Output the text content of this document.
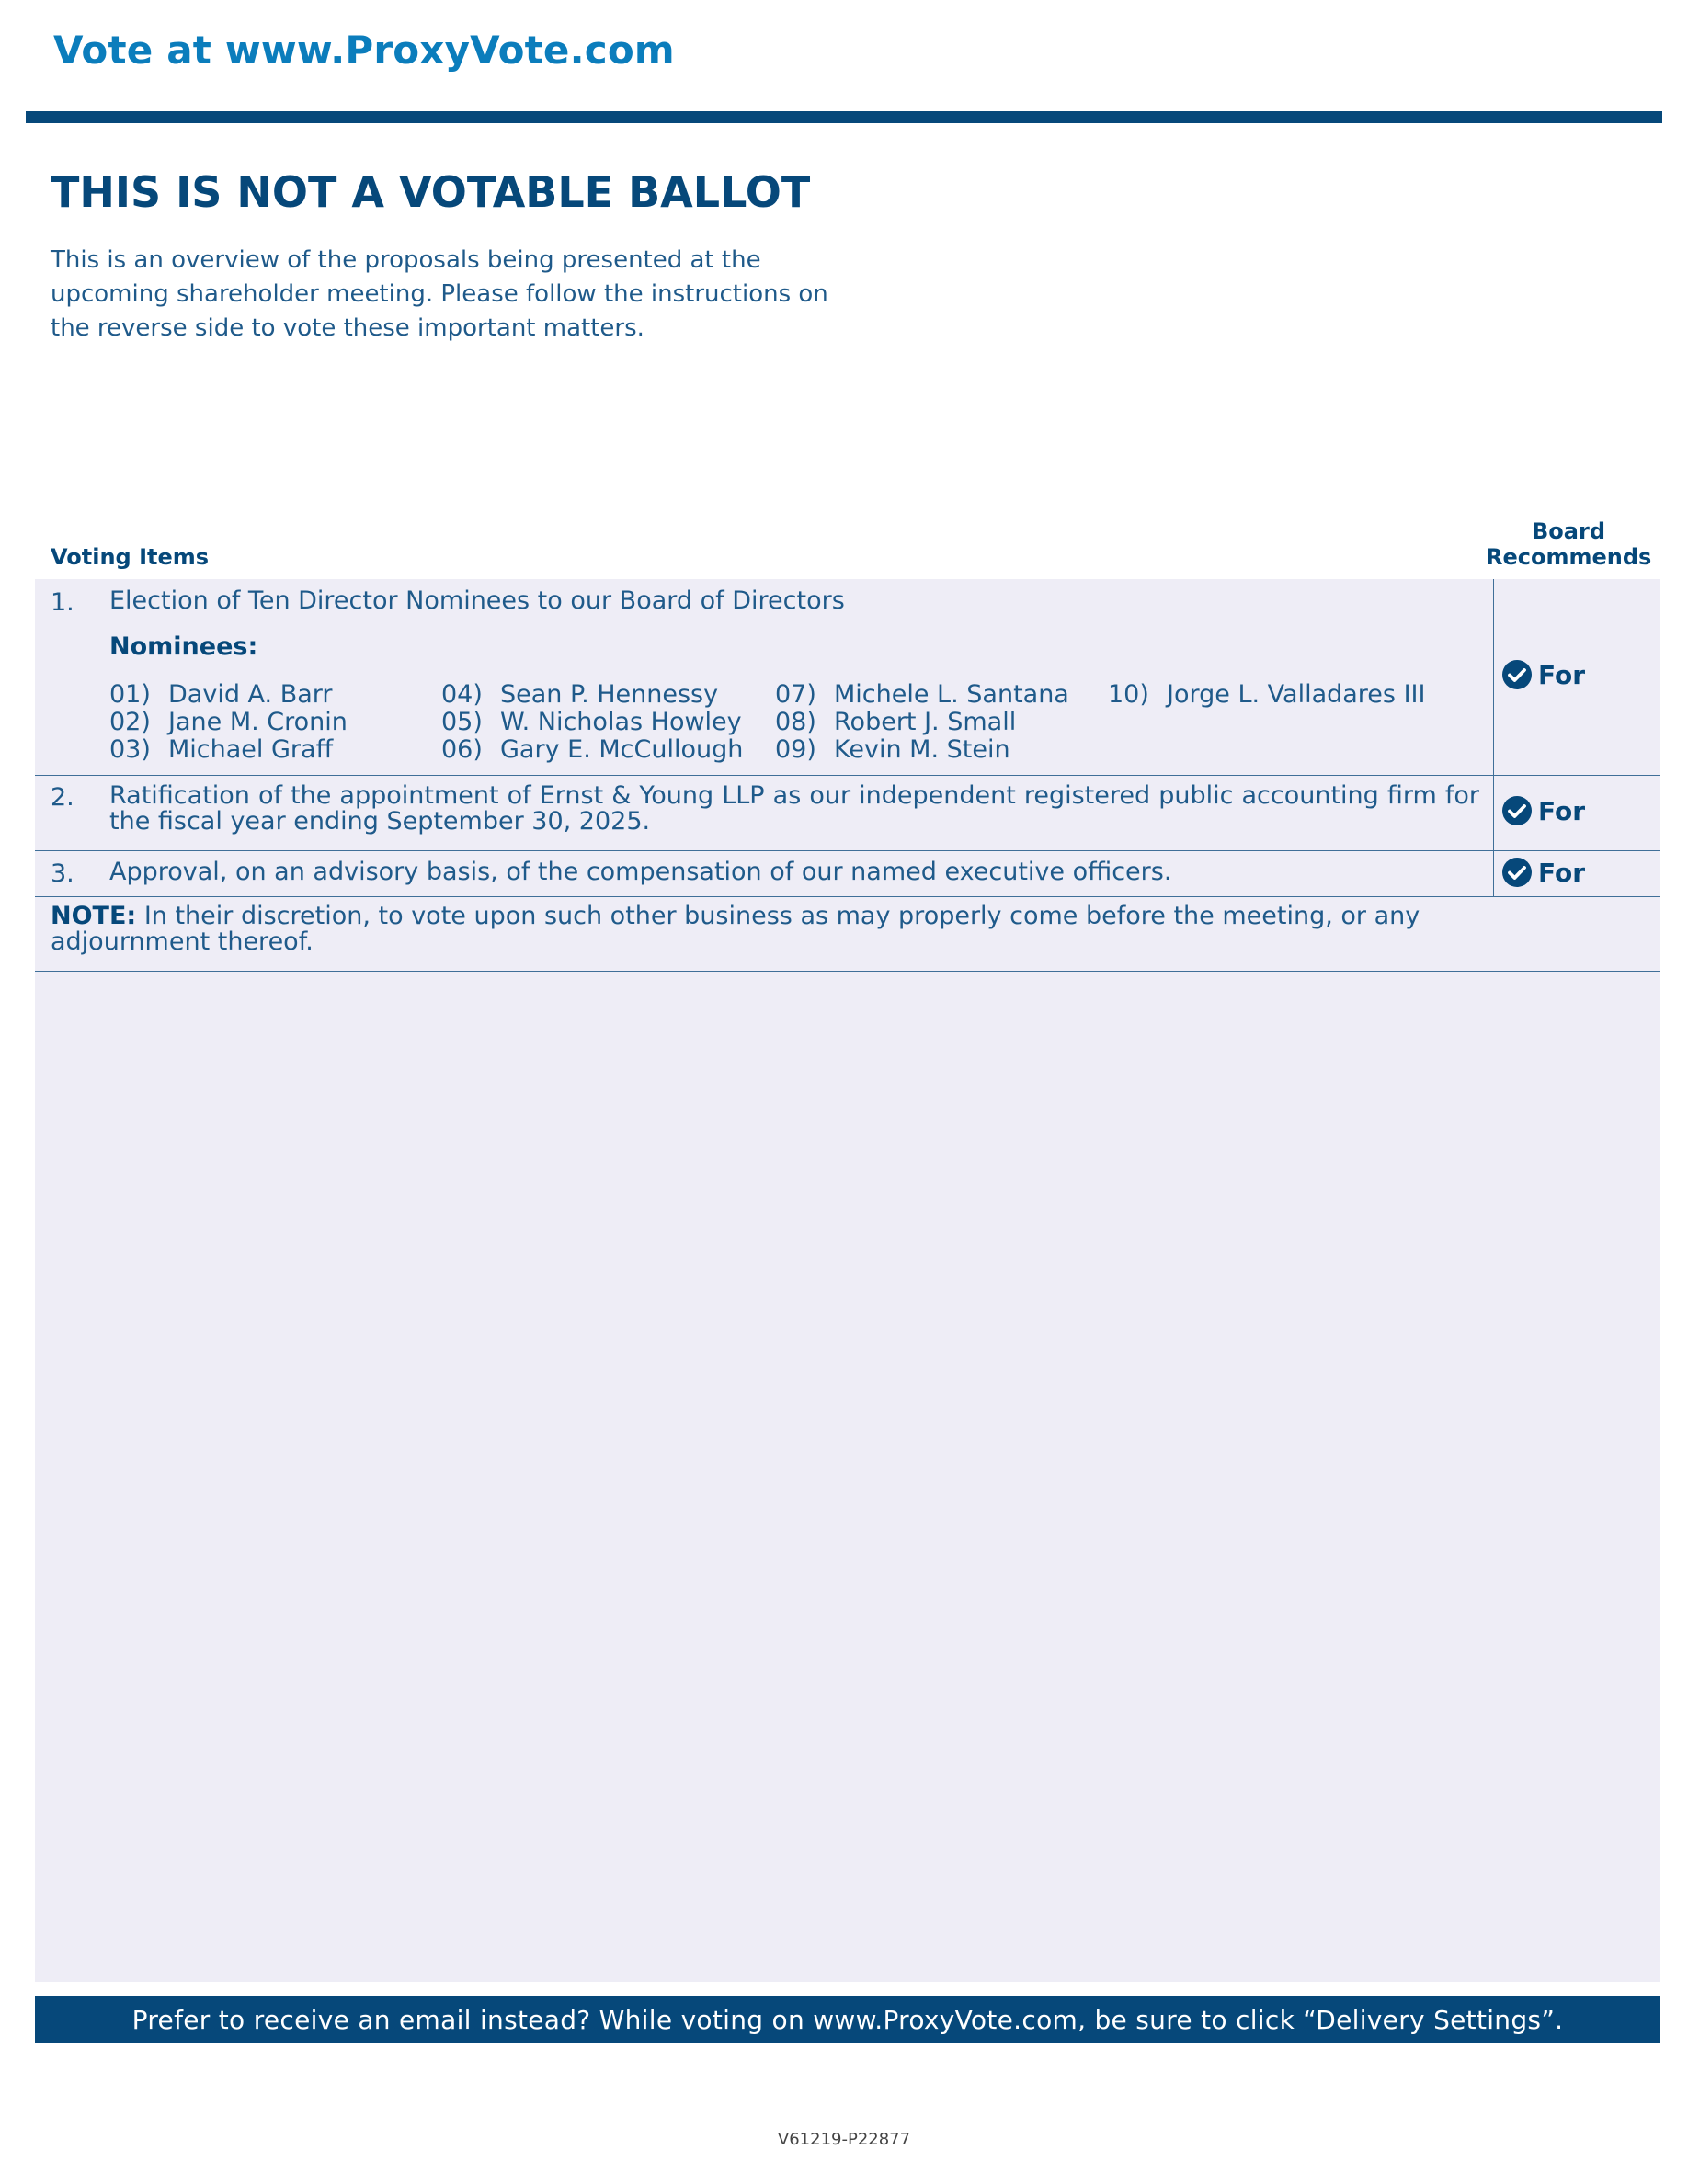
Vote at www.ProxyVote.com
THIS IS NOT A VOTABLE BALLOT

This is an overview of the proposals being presented at the upcoming shareholder meeting. Please follow the instructions on the reverse side to vote these important matters.

Voting Items
Board
Recommends
1. Election of Ten Director Nominees to our Board of Directors
Nominees:
01) David A. Barr
02) Jane M. Cronin
03) Michael Graff
04) Sean P. Hennessy
05) W. Nicholas Howley
06) Gary E. McCullough
07) Michele L. Santana
08) Robert J. Small
09) Kevin M. Stein
10) Jorge L. Valladares III
For
2. Ratification of the appointment of Ernst & Young LLP as our independent registered public accounting firm for the fiscal year ending September 30, 2025.	For
3. Approval, on an advisory basis, of the compensation of our named executive officers.	For
NOTE: In their discretion, to vote upon such other business as may properly come before the meeting, or any adjournment thereof.
Prefer to receive an email instead? While voting on www.ProxyVote.com, be sure to click “Delivery Settings”.
V61219-P22877
